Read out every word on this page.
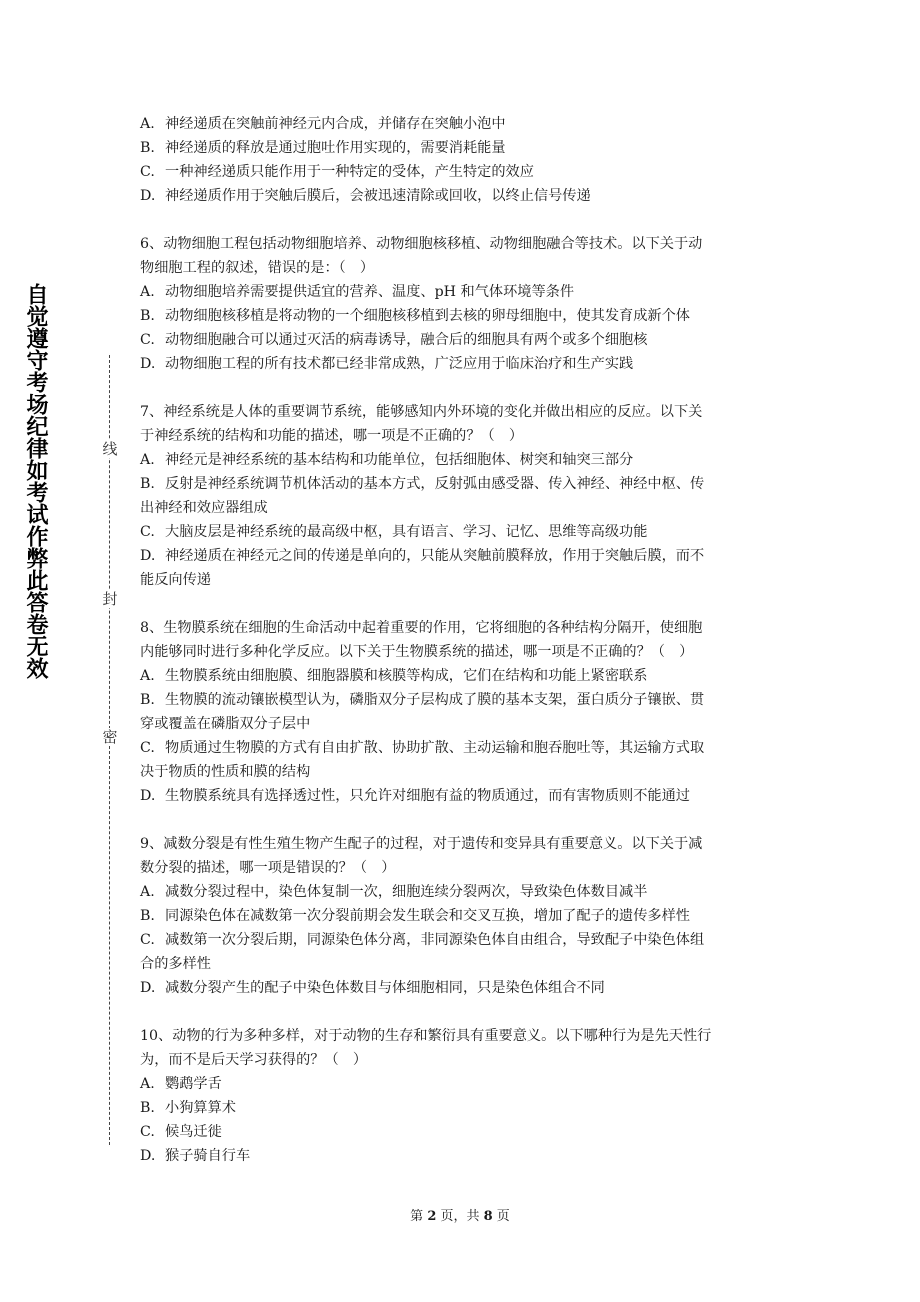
自觉遵守考场纪律如考试作弊此答卷无效	线
封
密
A. 神经递质在突触前神经元内合成，并储存在突触小泡中
B. 神经递质的释放是通过胞吐作用实现的，需要消耗能量
C. 一种神经递质只能作用于一种特定的受体，产生特定的效应
D. 神经递质作用于突触后膜后，会被迅速清除或回收，以终止信号传递
6、动物细胞工程包括动物细胞培养、动物细胞核移植、动物细胞融合等技术。以下关于动
物细胞工程的叙述，错误的是：（　）
A. 动物细胞培养需要提供适宜的营养、温度、pH 和气体环境等条件
B. 动物细胞核移植是将动物的一个细胞核移植到去核的卵母细胞中，使其发育成新个体
C. 动物细胞融合可以通过灭活的病毒诱导，融合后的细胞具有两个或多个细胞核
D. 动物细胞工程的所有技术都已经非常成熟，广泛应用于临床治疗和生产实践
7、神经系统是人体的重要调节系统，能够感知内外环境的变化并做出相应的反应。以下关
于神经系统的结构和功能的描述，哪一项是不正确的？（　）
A. 神经元是神经系统的基本结构和功能单位，包括细胞体、树突和轴突三部分
B. 反射是神经系统调节机体活动的基本方式，反射弧由感受器、传入神经、神经中枢、传
出神经和效应器组成
C. 大脑皮层是神经系统的最高级中枢，具有语言、学习、记忆、思维等高级功能
D. 神经递质在神经元之间的传递是单向的，只能从突触前膜释放，作用于突触后膜，而不
能反向传递
8、生物膜系统在细胞的生命活动中起着重要的作用，它将细胞的各种结构分隔开，使细胞
内能够同时进行多种化学反应。以下关于生物膜系统的描述，哪一项是不正确的？（　）
A. 生物膜系统由细胞膜、细胞器膜和核膜等构成，它们在结构和功能上紧密联系
B. 生物膜的流动镶嵌模型认为，磷脂双分子层构成了膜的基本支架，蛋白质分子镶嵌、贯
穿或覆盖在磷脂双分子层中
C. 物质通过生物膜的方式有自由扩散、协助扩散、主动运输和胞吞胞吐等，其运输方式取
决于物质的性质和膜的结构
D. 生物膜系统具有选择透过性，只允许对细胞有益的物质通过，而有害物质则不能通过
9、减数分裂是有性生殖生物产生配子的过程，对于遗传和变异具有重要意义。以下关于减
数分裂的描述，哪一项是错误的？（　）
A. 减数分裂过程中，染色体复制一次，细胞连续分裂两次，导致染色体数目减半
B. 同源染色体在减数第一次分裂前期会发生联会和交叉互换，增加了配子的遗传多样性
C. 减数第一次分裂后期，同源染色体分离，非同源染色体自由组合，导致配子中染色体组
合的多样性
D. 减数分裂产生的配子中染色体数目与体细胞相同，只是染色体组合不同
10、动物的行为多种多样，对于动物的生存和繁衍具有重要意义。以下哪种行为是先天性行
为，而不是后天学习获得的？（　）
A. 鹦鹉学舌
B. 小狗算算术
C. 候鸟迁徙
D. 猴子骑自行车
第 2 页，共 8 页
